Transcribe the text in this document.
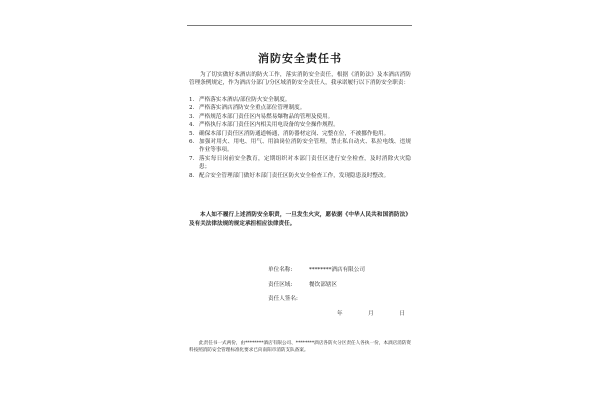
消防安全责任书
为了切实做好本酒店的防火工作，落实消防安全责任，根据《消防法》及本酒店消防管理条例规定，作为酒店分部门/分区域消防安全责任人，我承诺履行以下消防安全职责：
1. 严格落实本酒店/部位防火安全制度。
2. 严格落实酒店消防安全重点部位管理制度。
3. 严格规范本部门责任区内易燃易爆物品的管理及使用。
4. 严格执行本部门责任区内相关用电设备的安全操作规程。
5. 确保本部门责任区消防通道畅通，消防器材定岗、完整在位，不被挪作他用。
6. 加强对用火、用电、用气、用油岗位消防安全管理，禁止私自动火、私拉电线、违规作业等事项。
7. 落实每日岗前安全教育，定期组织对本部门责任区进行安全检查，及时消除火灾隐患；
8. 配合安全管理部门做好本部门责任区防火安全检查工作，发现隐患及时整改。
本人如不履行上述消防安全职责，一旦发生火灾，愿依据《中华人民共和国消防法》及有关法律法规的规定承担相应法律责任。
单位名称:	********酒店有限公司
责任区域:	餐饮部辖区
责任人签名:
年	月	日
此责任书一式两份，由********酒店有限公司、********酒店各防火分区责任人各执一份，本酒店消防资料按照消防安全管理标准化要求已向南阳市消防支队备案。
